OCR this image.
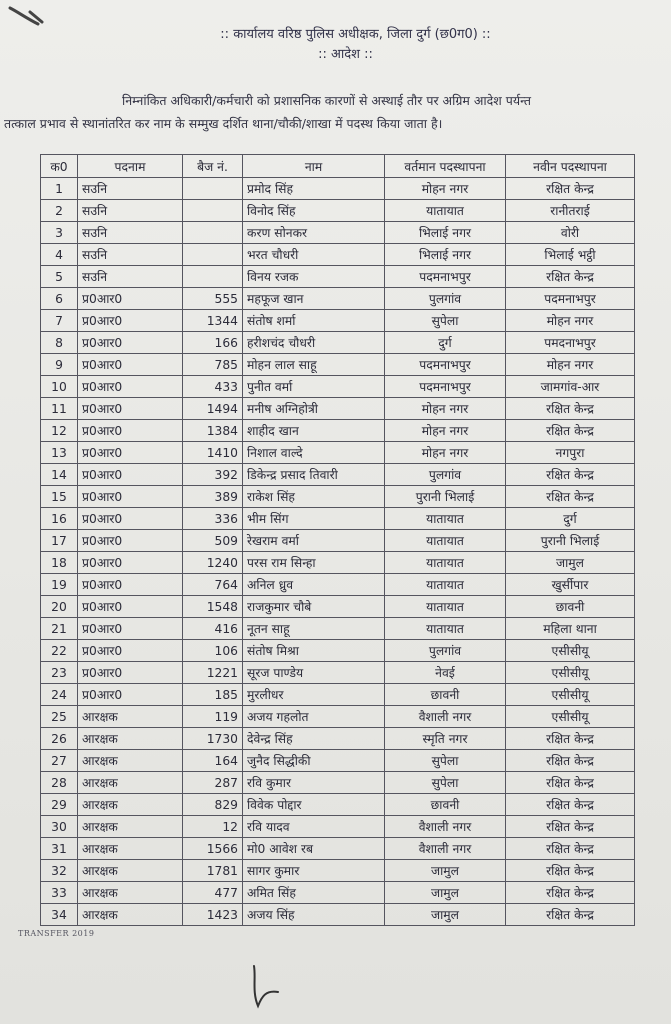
:: कार्यालय वरिष्ठ पुलिस अधीक्षक, जिला दुर्ग (छ0ग0) ::
:: आदेश ::
निम्नांकित अधिकारी/कर्मचारी को प्रशासनिक कारणों से अस्थाई तौर पर अग्रिम आदेश पर्यन्त
तत्काल प्रभाव से स्थानांतरित कर नाम के सम्मुख दर्शित थाना/चौकी/शाखा में पदस्थ किया जाता है।
क0	पदनाम	बैज नं.	नाम	वर्तमान पदस्थापना	नवीन पदस्थापना
1	सउनि		प्रमोद सिंह	मोहन नगर	रक्षित केन्द्र
2	सउनि		विनोद सिंह	यातायात	रानीतराई
3	सउनि		करण सोनकर	भिलाई नगर	वोरी
4	सउनि		भरत चौधरी	भिलाई नगर	भिलाई भट्ठी
5	सउनि		विनय रजक	पदमनाभपुर	रक्षित केन्द्र
6	प्र0आर0	555	महफूज खान	पुलगांव	पदमनाभपुर
7	प्र0आर0	1344	संतोष शर्मा	सुपेला	मोहन नगर
8	प्र0आर0	166	हरीशचंद चौधरी	दुर्ग	पमदनाभपुर
9	प्र0आर0	785	मोहन लाल साहू	पदमनाभपुर	मोहन नगर
10	प्र0आर0	433	पुनीत वर्मा	पदमनाभपुर	जामगांव-आर
11	प्र0आर0	1494	मनीष अग्निहोत्री	मोहन नगर	रक्षित केन्द्र
12	प्र0आर0	1384	शाहीद खान	मोहन नगर	रक्षित केन्द्र
13	प्र0आर0	1410	निशाल वाल्दे	मोहन नगर	नगपुरा
14	प्र0आर0	392	डिकेन्द्र प्रसाद तिवारी	पुलगांव	रक्षित केन्द्र
15	प्र0आर0	389	राकेश सिंह	पुरानी भिलाई	रक्षित केन्द्र
16	प्र0आर0	336	भीम सिंग	यातायात	दुर्ग
17	प्र0आर0	509	रेखराम वर्मा	यातायात	पुरानी भिलाई
18	प्र0आर0	1240	परस राम सिन्हा	यातायात	जामुल
19	प्र0आर0	764	अनिल ध्रुव	यातायात	खुर्सीपार
20	प्र0आर0	1548	राजकुमार चौबे	यातायात	छावनी
21	प्र0आर0	416	नूतन साहू	यातायात	महिला थाना
22	प्र0आर0	106	संतोष मिश्रा	पुलगांव	एसीसीयू
23	प्र0आर0	1221	सूरज पाण्डेय	नेवई	एसीसीयू
24	प्र0आर0	185	मुरलीधर	छावनी	एसीसीयू
25	आरक्षक	119	अजय गहलोत	वैशाली नगर	एसीसीयू
26	आरक्षक	1730	देवेन्द्र सिंह	स्मृति नगर	रक्षित केन्द्र
27	आरक्षक	164	जुनैद सिद्धीकी	सुपेला	रक्षित केन्द्र
28	आरक्षक	287	रवि कुमार	सुपेला	रक्षित केन्द्र
29	आरक्षक	829	विवेक पोद्दार	छावनी	रक्षित केन्द्र
30	आरक्षक	12	रवि यादव	वैशाली नगर	रक्षित केन्द्र
31	आरक्षक	1566	मो0 आवेश रब	वैशाली नगर	रक्षित केन्द्र
32	आरक्षक	1781	सागर कुमार	जामुल	रक्षित केन्द्र
33	आरक्षक	477	अमित सिंह	जामुल	रक्षित केन्द्र
34	आरक्षक	1423	अजय सिंह	जामुल	रक्षित केन्द्र
TRANSFER 2019
